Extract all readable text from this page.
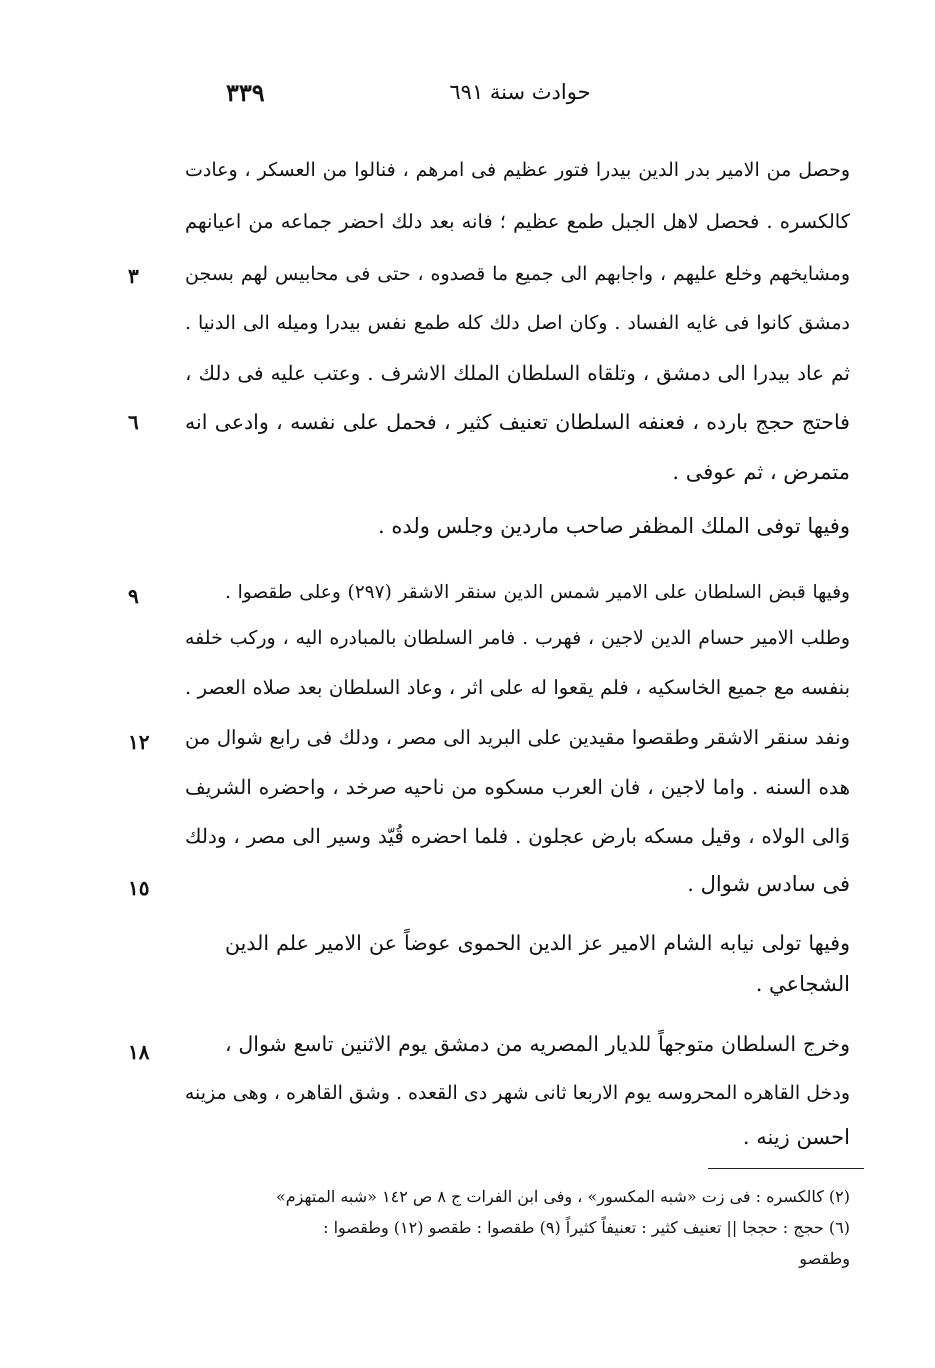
٣٣٩	حوادث سنة ٦٩١
وحصل من الامير بدر الدين بيدرا فتور عظيم فى امرهم ، فنالوا من العسكر ، وعادت
كالكسره . فحصل لاهل الجبل طمع عظيم ؛ فانه بعد دلك احضر جماعه من اعيانهم
ومشايخهم وخلع عليهم ، واجابهم الى جميع ما قصدوه ، حتى فى محابيس لهم بسجن
٣
دمشق كانوا فى غايه الفساد . وكان اصل دلك كله طمع نفس بيدرا وميله الى الدنيا .
ثم عاد بيدرا الى دمشق ، وتلقاه السلطان الملك الاشرف . وعتب عليه فى دلك ،
فاحتج حجج بارده ، فعنفه السلطان تعنيف كثير ، فحمل على نفسه ، وادعى انه
٦
متمرض ، ثم عوفى .
وفيها توفى الملك المظفر صاحب ماردين وجلس ولده .
وفيها قبض السلطان على الامير شمس الدين سنقر الاشقر (٢٩٧) وعلى طقصوا .
٩
وطلب الامير حسام الدين لاجين ، فهرب . فامر السلطان بالمبادره اليه ، وركب خلفه
بنفسه مع جميع الخاسكيه ، فلم يقعوا له على اثر ، وعاد السلطان بعد صلاه العصر .
ونفد سنقر الاشقر وطقصوا مقيدين على البريد الى مصر ، ودلك فى رابع شوال من
١٢
هده السنه . واما لاجين ، فان العرب مسكوه من ناحيه صرخد ، واحضره الشريف
وَالى الولاه ، وقيل مسكه بارض عجلون . فلما احضره قُيّد وسير الى مصر ، ودلك
فى سادس شوال .
١٥
وفيها تولى نيابه الشام الامير عز الدين الحموى عوضاً عن الامير علم الدين
الشجاعي .
وخرج السلطان متوجهاً للديار المصريه من دمشق يوم الاثنين تاسع شوال ،
١٨
ودخل القاهره المحروسه يوم الاربعا ثانى شهر دى القعده . وشق القاهره ، وهى مزينه
احسن زينه .
(٢) كالكسره : فى زت «شبه المكسور» ، وفى ابن الفرات ج ٨ ص ١٤٢ «شبه المتهزم»
(٦) حجج : حججا || تعنيف كثير : تعنيفاً كثيراً (٩) طقصوا : طقصو (١٢) وطقصوا :
وطقصو
